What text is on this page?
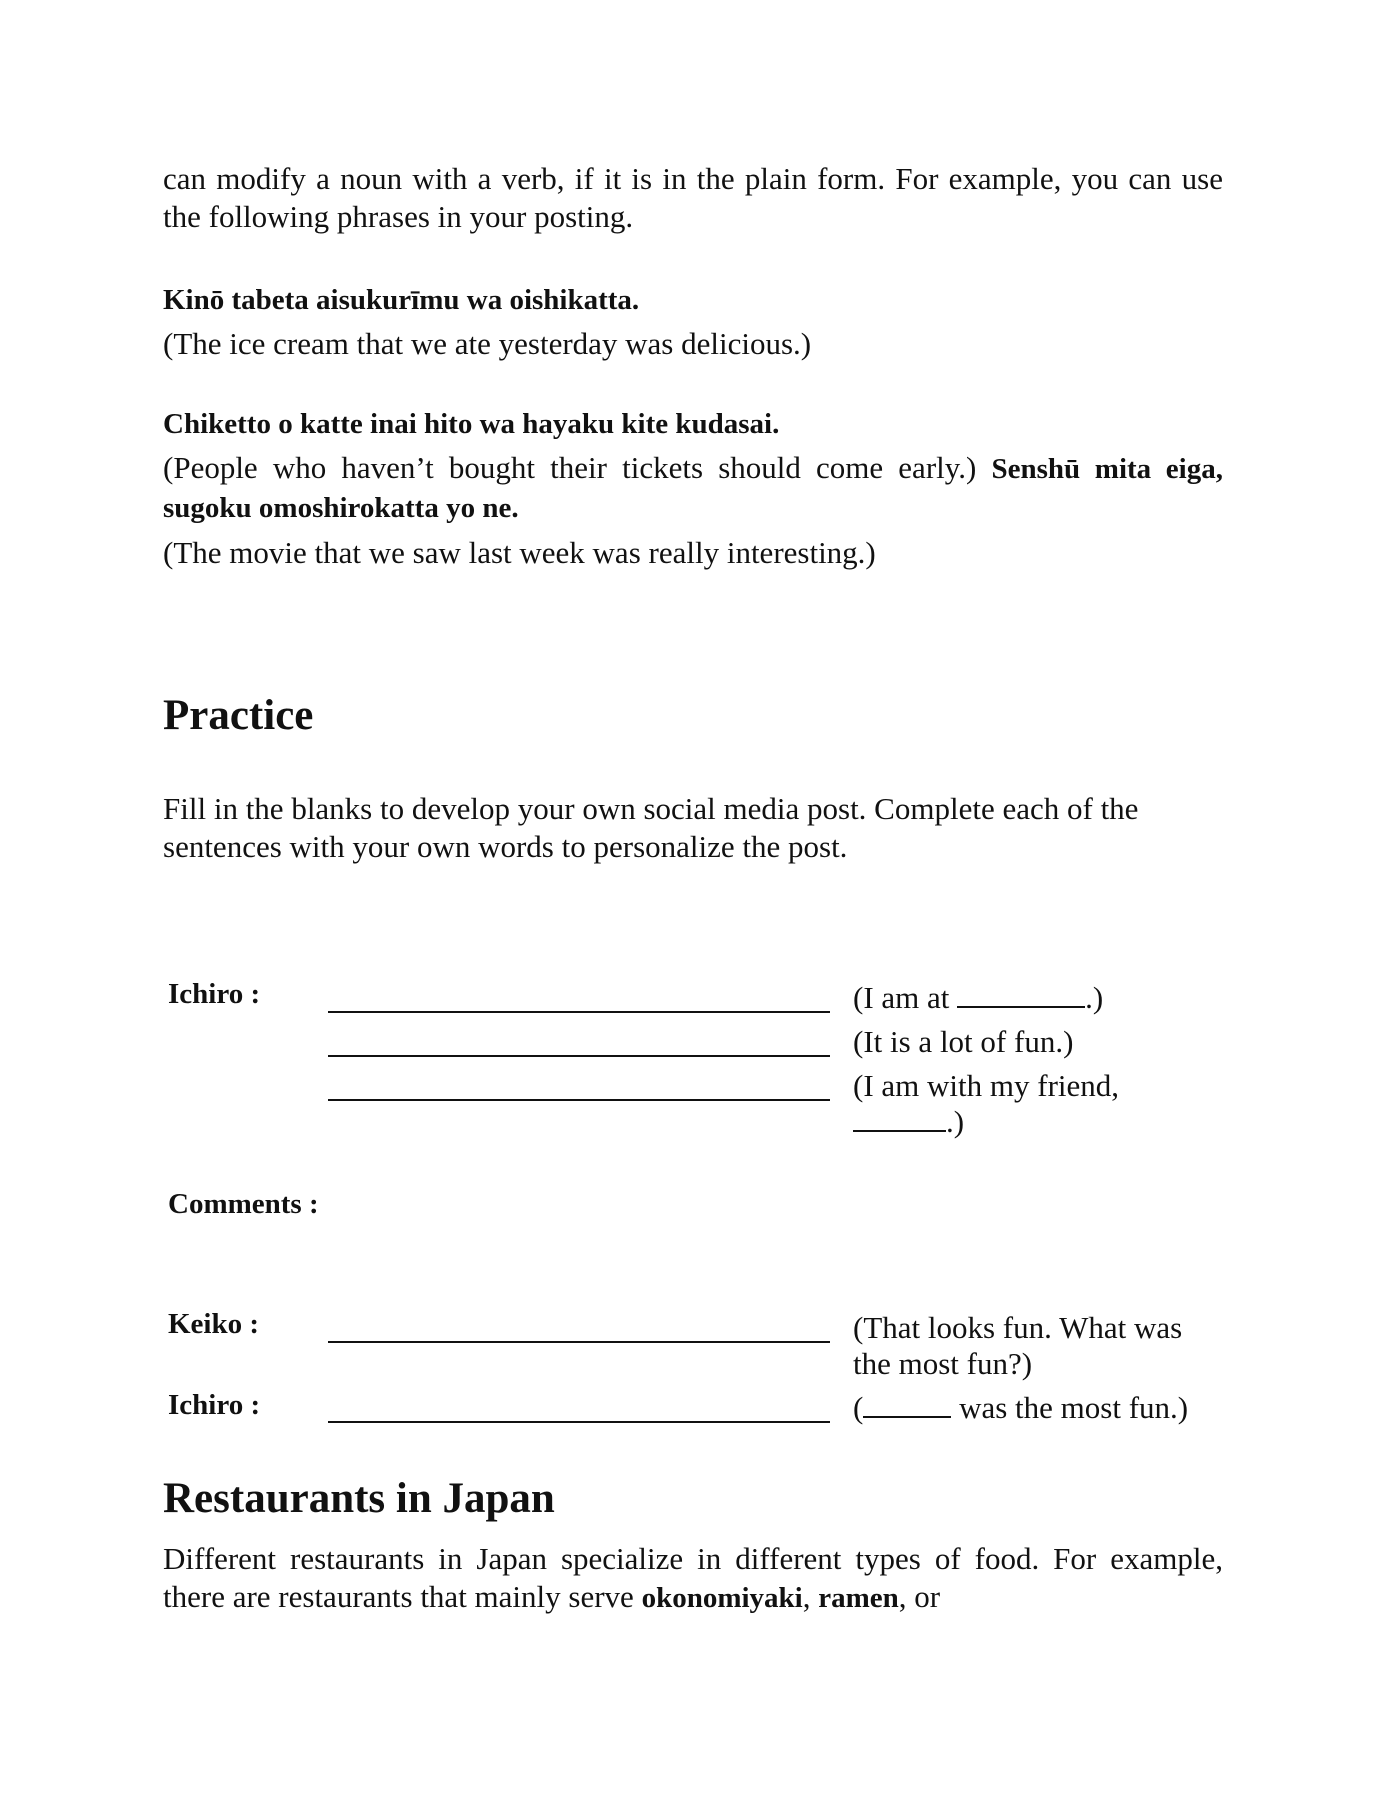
can modify a noun with a verb, if it is in the plain form. For example, you can use the following phrases in your posting.

Kinō tabeta aisukurīmu wa oishikatta.
(The ice cream that we ate yesterday was delicious.)
Chiketto o katte inai hito wa hayaku kite kudasai.

(People who haven’t bought their tickets should come early.) Senshū mita eiga, sugoku omoshirokatta yo ne.

(The movie that we saw last week was really interesting.)
Practice

Fill in the blanks to develop your own social media post. Complete each of the sentences with your own words to personalize the post.

Ichiro :	(I am at	.)
(It is a lot of fun.)
(I am with my friend,
.)
Comments :
Keiko :	(That looks fun. What was the most fun?)
Ichiro :	(	was the most fun.)
Restaurants in Japan

Different restaurants in Japan specialize in different types of food. For example, there are restaurants that mainly serve okonomiyaki, ramen, or
